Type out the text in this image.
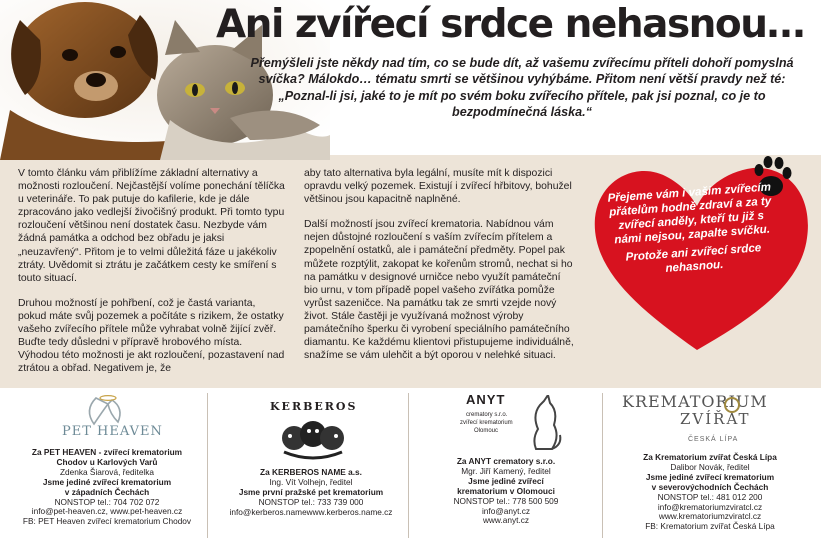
Ani zvířecí srdce nehasnou…

Přemýšleli jste někdy nad tím, co se bude dít, až vašemu zvířecímu příteli dohoří pomyslná svíčka? Málokdo… tématu smrti se většinou vyhýbáme. Přitom není větší pravdy než té: „Poznal-li jsi, jaké to je mít po svém boku zvířecího přítele, pak jsi poznal, co je to bezpodmínečná láska.“

V tomto článku vám přiblížíme základní alternativy a možnosti rozloučení. Nejčastější volíme ponechání tělíčka u veterináře. To pak putuje do kafilerie, kde je dále zpracováno jako vedlejší živočišný produkt. Při tomto typu rozloučení většinou není dostatek času. Nezbyde vám žádná památka a odchod bez obřadu je jaksi „neuzavřený“. Přitom je to velmi důležitá fáze u jakékoliv ztráty. Uvědomit si ztrátu je začátkem cesty ke smíření s touto situací.

Druhou možností je pohřbení, což je častá varianta, pokud máte svůj pozemek a počítáte s rizikem, že ostatky vašeho zvířecího přítele může vyhrabat volně žijící zvěř. Buďte tedy důsledni v přípravě hrobového místa. Výhodou této možnosti je akt rozloučení, pozastavení nad ztrátou a obřad. Negativem je, že

aby tato alternativa byla legální, musíte mít k dispozici opravdu velký pozemek. Existují i zvířecí hřbitovy, bohužel většinou jsou kapacitně naplněné.

Další možností jsou zvířecí krematoria. Nabídnou vám nejen důstojné rozloučení s vaším zvířecím přítelem a zpopelnění ostatků, ale i památeční předměty. Popel pak můžete rozptýlit, zakopat ke kořenům stromů, nechat si ho na památku v designové urničce nebo využít památeční bio urnu, v tom případě popel vašeho zvířátka pomůže vyrůst sazeničce. Na památku tak ze smrti vzejde nový život. Stále častěji je využívaná možnost výroby památečního šperku či vyrobení speciálního památečního diamantu. Ke každému klientovi přistupujeme individuálně, snažíme se vám ulehčit a být oporou v nelehké situaci.

Přejeme vám i vašim zvířecím přátelům hodně zdraví a za ty zvířecí anděly, kteří tu již s námi nejsou, zapalte svíčku.

Protože ani zvířecí srdce nehasnou.

PET HEAVEN
Za PET HEAVEN - zvířecí krematorium
Chodov u Karlových Varů
Zdenka Šiarová, ředitelka
Jsme jediné zvířecí krematorium
v západních Čechách
NONSTOP tel.: 704 702 072
info@pet-heaven.cz, www.pet-heaven.cz
FB: PET Heaven zvířecí krematorium Chodov
KERBEROS
Za KERBEROS NAME a.s.
Ing. Vít Volhejn, ředitel
Jsme první pražské pet krematorium
NONSTOP tel.: 733 739 000
info@kerberos.namewww.kerberos.name.cz
ANYT
crematory s.r.o.
zvířecí krematorium
Olomouc
Za ANYT crematory s.r.o.
Mgr. Jiří Kamený, ředitel
Jsme jediné zvířecí
krematorium v Olomouci
NONSTOP tel.: 778 500 509
info@anyt.cz
www.anyt.cz
KREMATORIUM
ZVÍŘAT
ČESKÁ LÍPA
Za Krematorium zvířat Česká Lípa
Dalibor Novák, ředitel
Jsme jediné zvířecí krematorium
v severovýchodních Čechách
NONSTOP tel.: 481 012 200
info@krematoriumzviratcl.cz
www.krematoriumzviratcl.cz
FB: Krematorium zvířat Česká Lípa
